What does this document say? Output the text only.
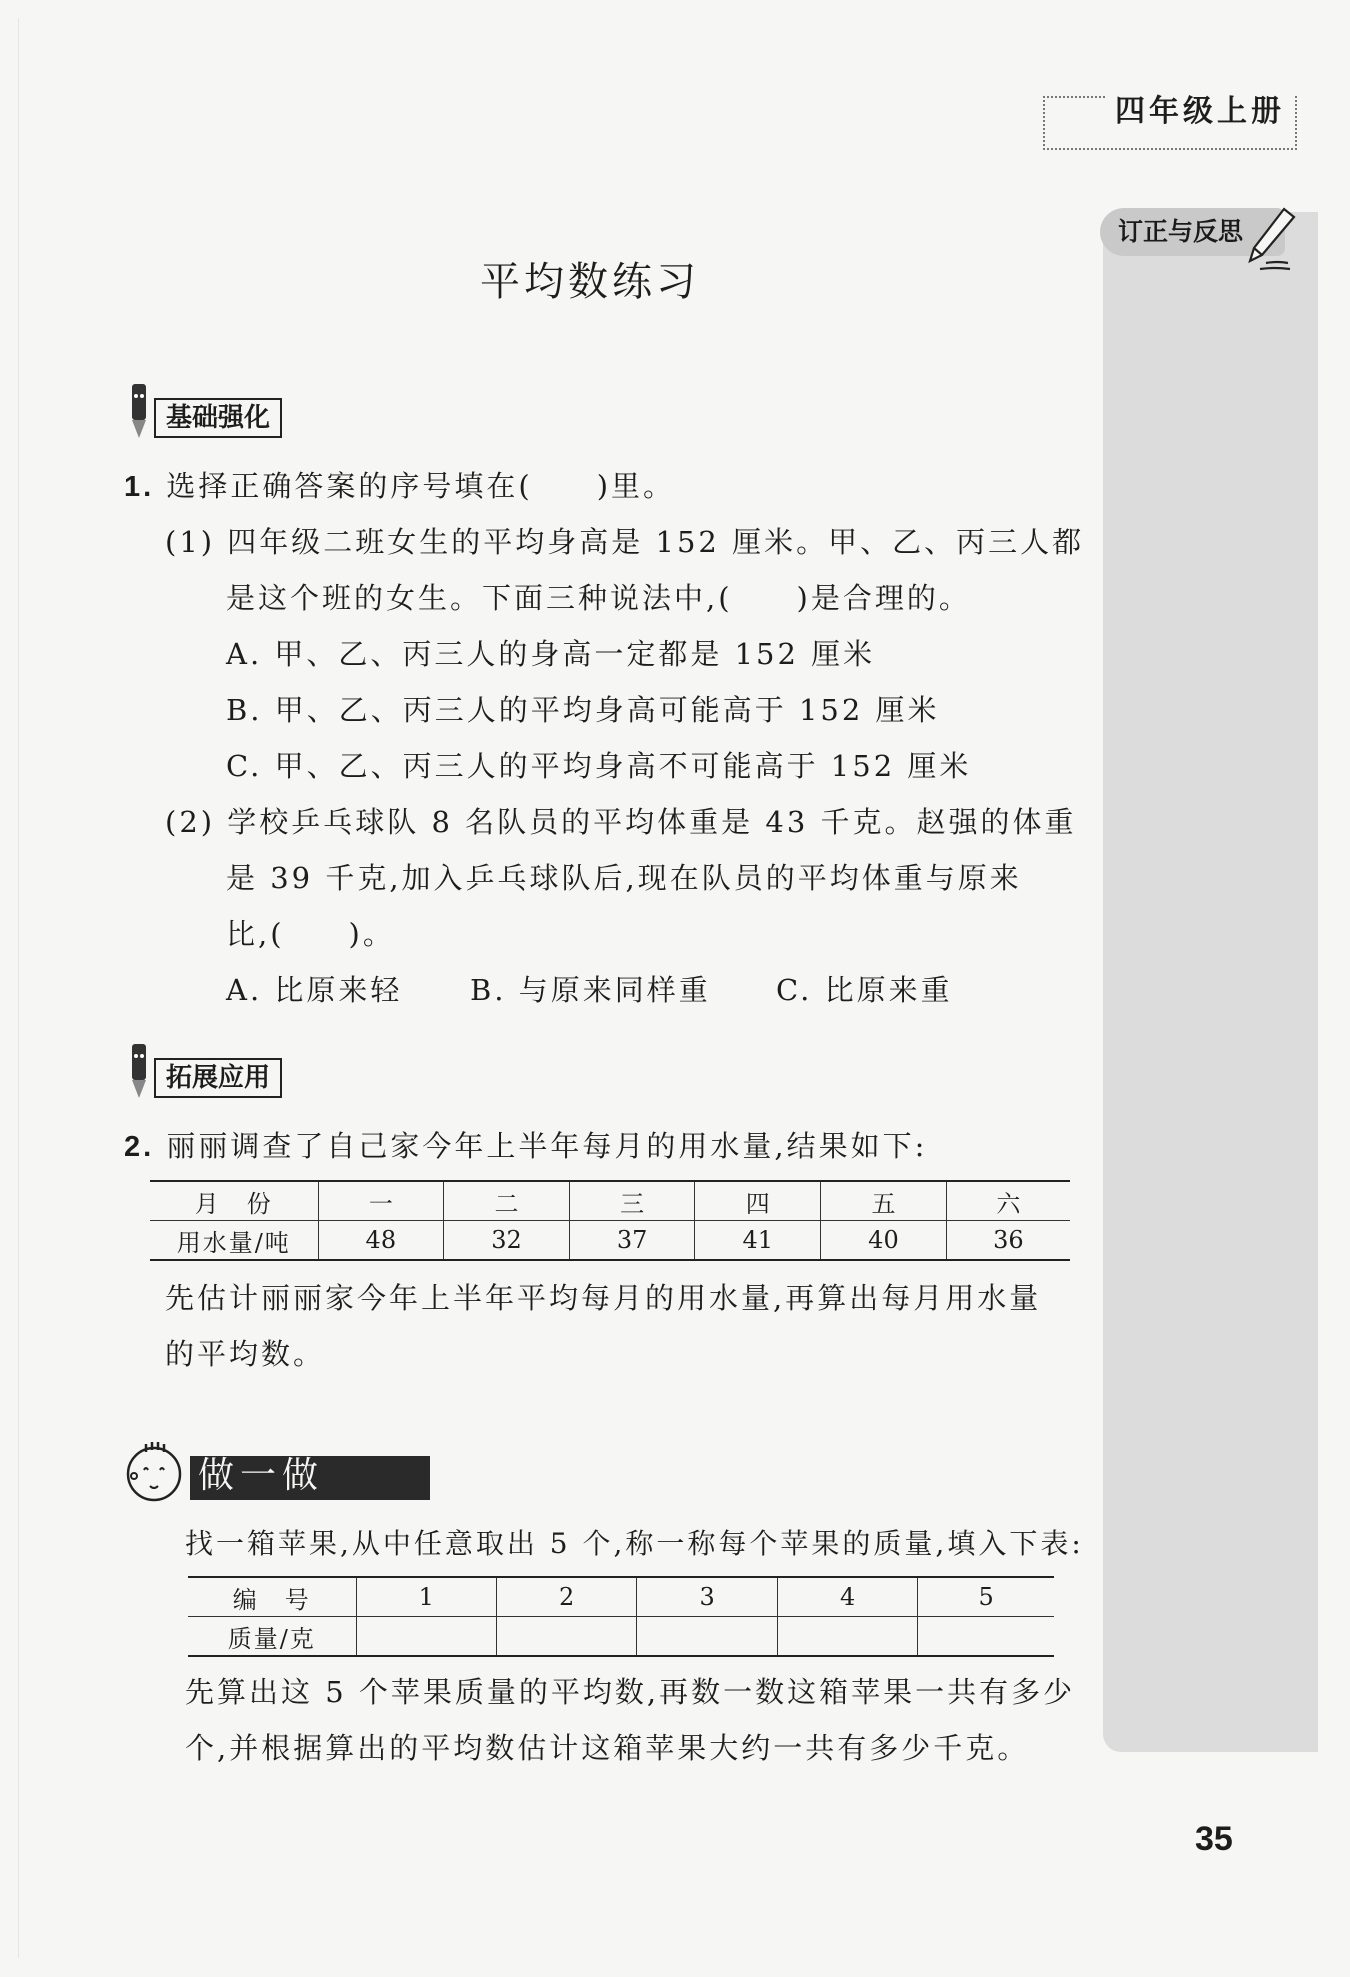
四年级上册
订正与反思
平均数练习
基础强化
1. 选择正确答案的序号填在(　　)里。
(1) 四年级二班女生的平均身高是 152 厘米。甲、乙、丙三人都
是这个班的女生。下面三种说法中,(　　)是合理的。
A. 甲、乙、丙三人的身高一定都是 152 厘米
B. 甲、乙、丙三人的平均身高可能高于 152 厘米
C. 甲、乙、丙三人的平均身高不可能高于 152 厘米
(2) 学校乒乓球队 8 名队员的平均体重是 43 千克。赵强的体重
是 39 千克,加入乒乓球队后,现在队员的平均体重与原来
比,(　　)。
A. 比原来轻 B. 与原来同样重 C. 比原来重
拓展应用
2. 丽丽调查了自己家今年上半年每月的用水量,结果如下:
月　份	一	二	三	四	五	六
用水量/吨	48	32	37	41	40	36
先估计丽丽家今年上半年平均每月的用水量,再算出每月用水量
的平均数。
做一做
找一箱苹果,从中任意取出 5 个,称一称每个苹果的质量,填入下表:
编　号	1	2	3	4	5
质量/克					
先算出这 5 个苹果质量的平均数,再数一数这箱苹果一共有多少
个,并根据算出的平均数估计这箱苹果大约一共有多少千克。
35
